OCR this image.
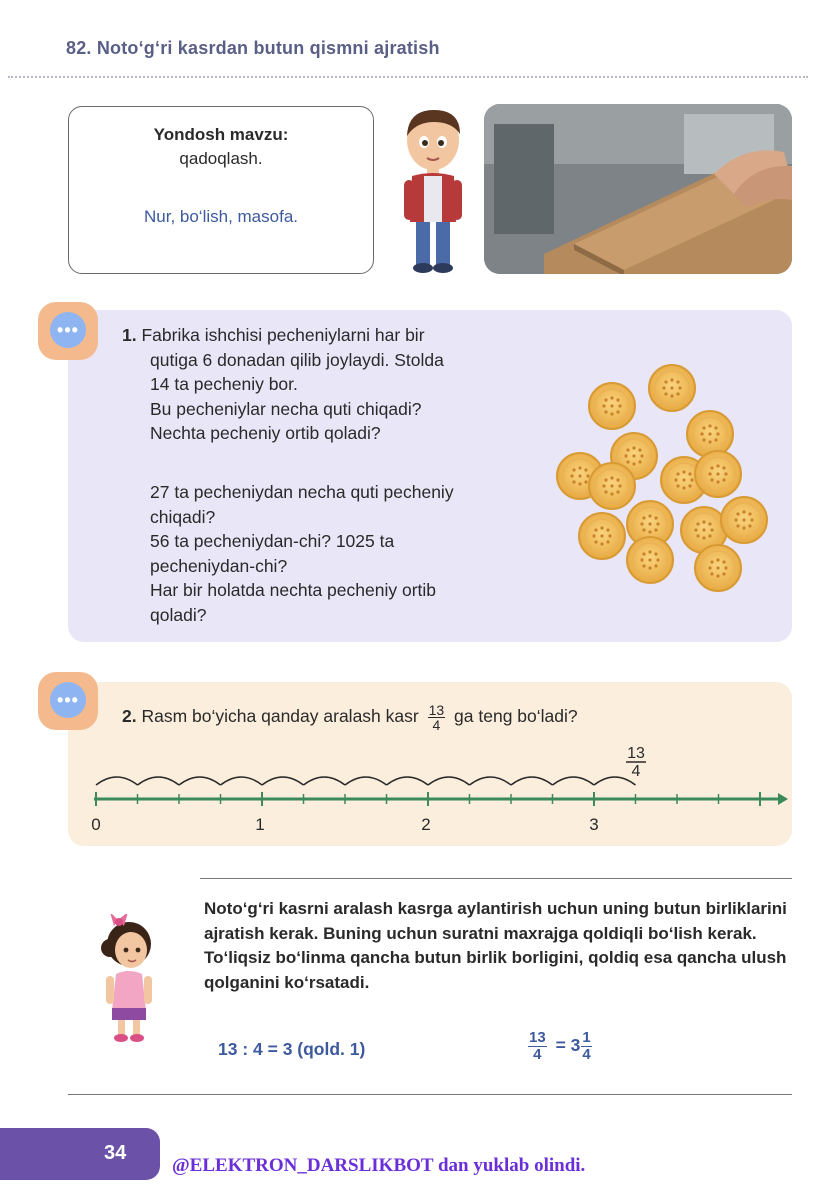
82. Noto‘g‘ri kasrdan butun qismni ajratish
Yondosh mavzu:
qadoqlash.
Nur, bo‘lish, masofa.
•••	1. Fabrika ishchisi pecheniylarni har bir
qutiga 6 donadan qilib joylaydi. Stolda
14 ta pecheniy bor.
Bu pecheniylar necha quti chiqadi?
Nechta pecheniy ortib qoladi?
27 ta pecheniydan necha quti pecheniy
chiqadi?
56 ta pecheniydan-chi? 1025 ta
pecheniydan-chi?
Har bir holatda nechta pecheniy ortib
qoladi?
•••
2. Rasm bo‘yicha qanday aralash kasr $\frac{13}{4}$ ga teng bo‘ladi?
13
4
0	1	2	3
Noto‘g‘ri kasrni aralash kasrga aylantirish uchun uning butun birliklarini ajratish kerak. Buning uchun suratni maxrajga qoldiqli bo‘lish kerak. To‘liqsiz bo‘linma qancha butun birlik borligini, qoldiq esa qancha ulush qolganini ko‘rsatadi.
13 : 4 = 3 (qold. 1)	$\frac{13}{4} = 3 \frac{1}{4}$
34
@ELEKTRON_DARSLIKBOT dan yuklab olindi.
